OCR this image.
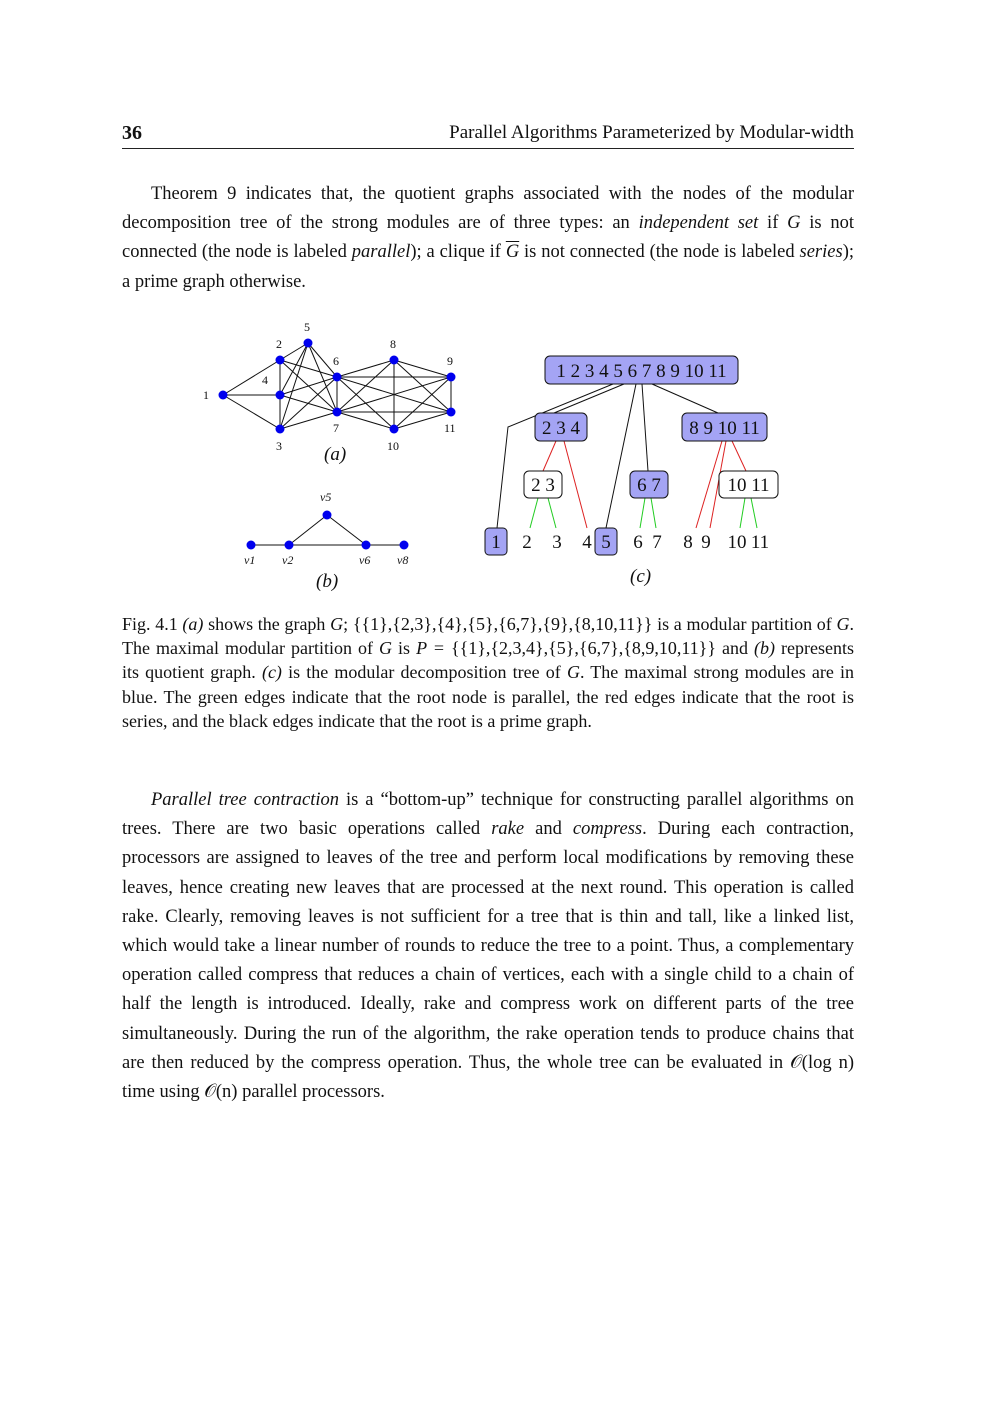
36	Parallel Algorithms Parameterized by Modular-width

Theorem 9 indicates that, the quotient graphs associated with the nodes of the modular decomposition tree of the strong modules are of three types: an independent set if G is not connected (the node is labeled parallel); a clique if $\overline{G}$ is not connected (the node is labeled series); a prime graph otherwise.

1
2
3
4
5
6
7
8
9
10
11
(a)
v1 v2
v5
v6 v8
(b)
1 2 3 4 5 6 7 8 9 10 11
2 3 4	8 9 10 11
2 3	6 7	10 11
1 2 3 4 5 6 7 8 9 10 11
(c)

Fig. 4.1 (a) shows the graph G; {{1},{2,3},{4},{5},{6,7},{9},{8,10,11}} is a modular partition of G. The maximal modular partition of G is P = {{1},{2,3,4},{5},{6,7},{8,9,10,11}} and (b) represents its quotient graph. (c) is the modular decomposition tree of G. The maximal strong modules are in blue. The green edges indicate that the root node is parallel, the red edges indicate that the root is series, and the black edges indicate that the root is a prime graph.

Parallel tree contraction is a “bottom-up” technique for constructing parallel algorithms on trees. There are two basic operations called rake and compress. During each contraction, processors are assigned to leaves of the tree and perform local modifications by removing these leaves, hence creating new leaves that are processed at the next round. This operation is called rake. Clearly, removing leaves is not sufficient for a tree that is thin and tall, like a linked list, which would take a linear number of rounds to reduce the tree to a point. Thus, a complementary operation called compress that reduces a chain of vertices, each with a single child to a chain of half the length is introduced. Ideally, rake and compress work on different parts of the tree simultaneously. During the run of the algorithm, the rake operation tends to produce chains that are then reduced by the compress operation. Thus, the whole tree can be evaluated in 𝒪(log n) time using 𝒪(n) parallel processors.
